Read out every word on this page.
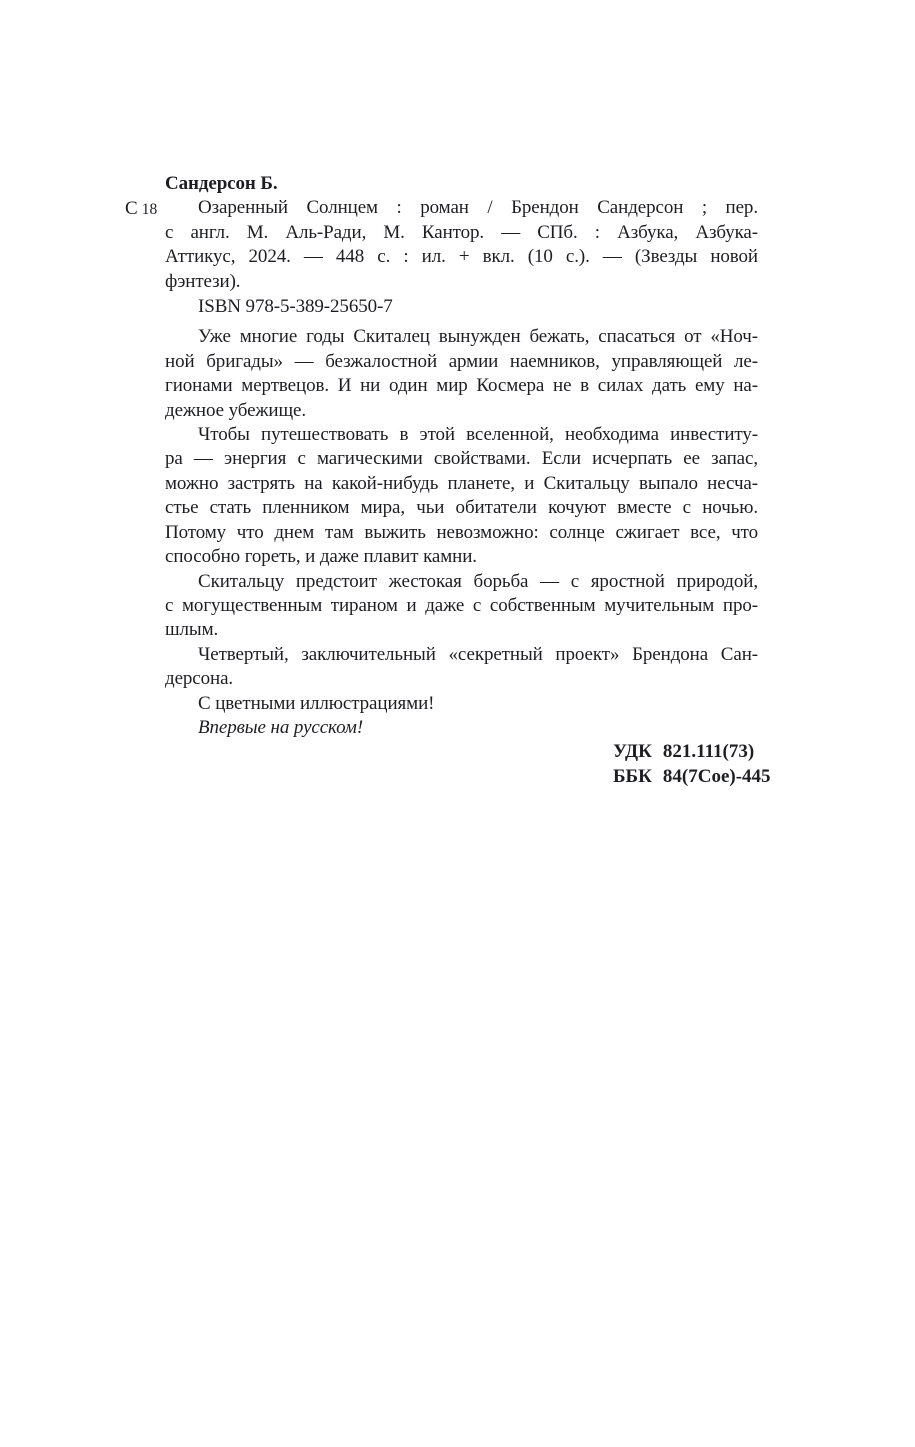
С 18
Сандерсон Б.
Озаренный Солнцем : роман / Брендон Сандерсон ; пер.
с англ. М. Аль-Ради, М. Кантор. — СПб. : Азбука, Азбука-
Аттикус, 2024. — 448 с. : ил. + вкл. (10 с.). — (Звезды новой
фэнтези).
ISBN 978-5-389-25650-7
Уже многие годы Скиталец вынужден бежать, спасаться от «Ноч-
ной бригады» — безжалостной армии наемников, управляющей ле-
гионами мертвецов. И ни один мир Космера не в силах дать ему на-
дежное убежище.
Чтобы путешествовать в этой вселенной, необходима инвеститу-
ра — энергия с магическими свойствами. Если исчерпать ее запас,
можно застрять на какой-нибудь планете, и Скитальцу выпало несча-
стье стать пленником мира, чьи обитатели кочуют вместе с ночью.
Потому что днем там выжить невозможно: солнце сжигает все, что
способно гореть, и даже плавит камни.
Скитальцу предстоит жестокая борьба — с яростной природой,
с могущественным тираном и даже с собственным мучительным про-
шлым.
Четвертый, заключительный «секретный проект» Брендона Сан-
дерсона.
С цветными иллюстрациями!
Впервые на русском!
УДК 821.111(73)
ББК 84(7Сое)-445
